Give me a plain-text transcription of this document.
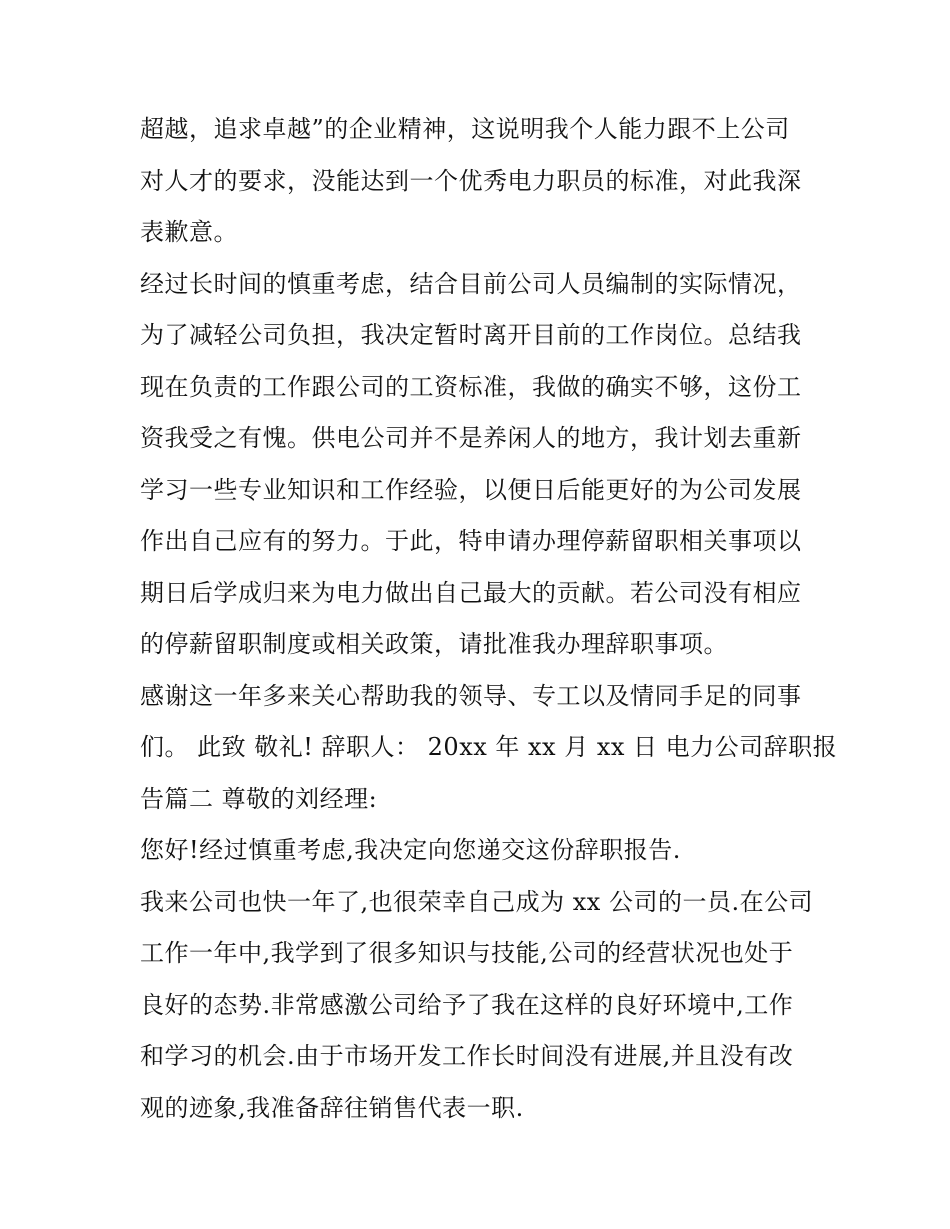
超越，追求卓越”的企业精神，这说明我个人能力跟不上公司
对人才的要求，没能达到一个优秀电力职员的标准，对此我深
表歉意。
经过长时间的慎重考虑，结合目前公司人员编制的实际情况，
为了减轻公司负担，我决定暂时离开目前的工作岗位。总结我
现在负责的工作跟公司的工资标准，我做的确实不够，这份工
资我受之有愧。供电公司并不是养闲人的地方，我计划去重新
学习一些专业知识和工作经验，以便日后能更好的为公司发展
作出自己应有的努力。于此，特申请办理停薪留职相关事项以
期日后学成归来为电力做出自己最大的贡献。若公司没有相应
的停薪留职制度或相关政策，请批准我办理辞职事项。
感谢这一年多来关心帮助我的领导、专工以及情同手足的同事
们。 此致 敬礼! 辞职人： 20xx 年 xx 月 xx 日 电力公司辞职报
告篇二 尊敬的刘经理:
您好!经过慎重考虑,我决定向您递交这份辞职报告.
我来公司也快一年了,也很荣幸自己成为 xx 公司的一员.在公司
工作一年中,我学到了很多知识与技能,公司的经营状况也处于
良好的态势.非常感激公司给予了我在这样的良好环境中,工作
和学习的机会.由于市场开发工作长时间没有进展,并且没有改
观的迹象,我准备辞往销售代表一职.
